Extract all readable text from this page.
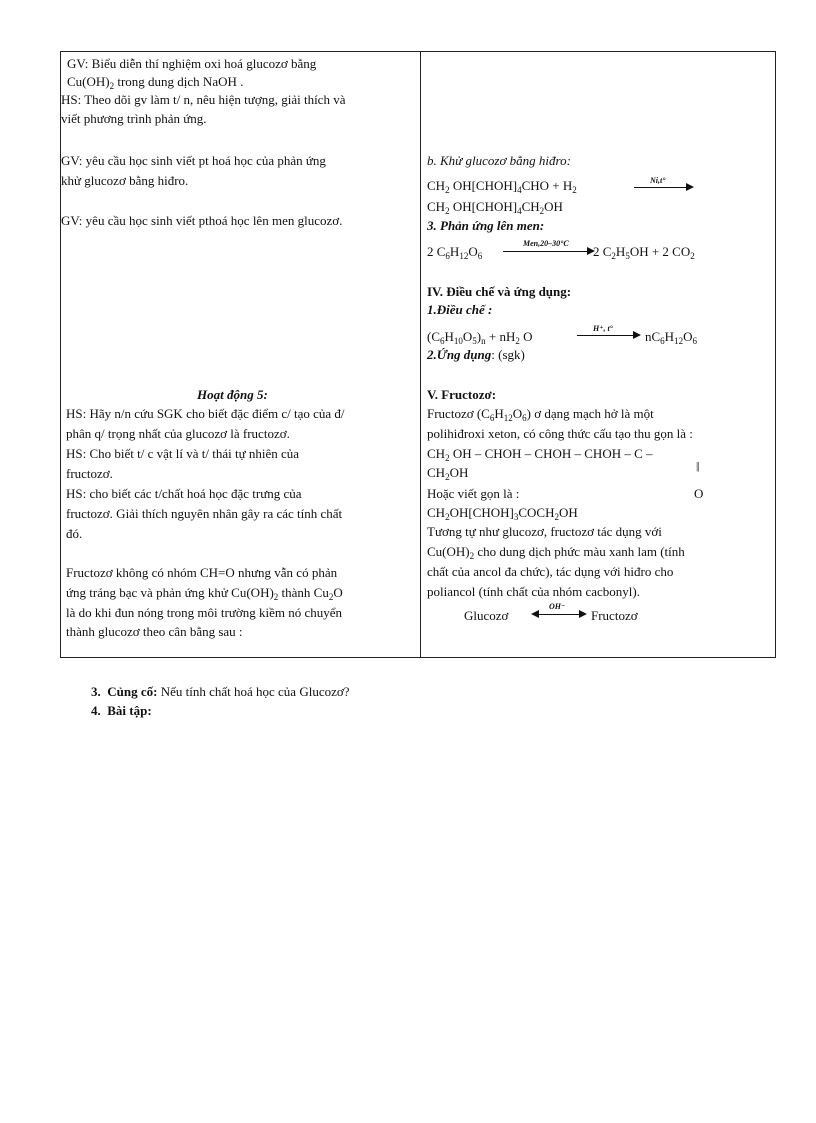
GV: Biểu diễn thí nghiệm oxi hoá glucozơ bằng
$Cu(OH)_2$ trong dung dịch NaOH .
HS: Theo dõi gv làm t/ n, nêu hiện tượng, giải thích và
viết phương trình phản ứng.
GV: yêu cầu học sinh viết pt hoá học của phản ứng
khử glucozơ bằng hiđro.
GV: yêu cầu học sinh viết pthoá học lên men glucozơ.
Hoạt động 5:
HS: Hãy n/n cứu SGK cho biết đặc điểm c/ tạo của đ/
phân q/ trọng nhất của glucozơ là fructozơ.
HS: Cho biết t/ c vật lí và t/ thái tự nhiên của
fructozơ.
HS: cho biết các t/chất hoá học đặc trưng của
fructozơ. Giải thích nguyên nhân gây ra các tính chất
đó.
Fructozơ không có nhóm CH=O nhưng vẫn có phản
ứng tráng bạc và phản ứng khử $Cu(OH)_2$ thành $Cu_2O$
là do khi đun nóng trong môi trường kiềm nó chuyển
thành glucozơ theo cân bằng sau :
b. Khử glucozơ bằng hiđro:
$CH_2$ $OH[CHOH]_4CHO + H_2$
Ni,t°
$CH_2$ $OH[CHOH]_4CH_2OH$
3. Phản ứng lên men:
2 $C_6H_{12}O_6$
Men,20–30°C
2 $C_2H_5OH + 2$ $CO_2$
IV. Điều chế và ứng dụng:
1.Điều chế :
$(C_6H_{10}O_5)_n + nH_2$ O
H⁺, t°
$nC_6H_{12}O_6$
2.Ứng dụng: (sgk)
V. Fructozơ:
Fructozơ $(C_6H_{12}O_6)$ ơ dạng mạch hở là một
polihiđroxi xeton, có công thức cấu tạo thu gọn là :
$CH_2$ OH – CHOH – CHOH – CHOH – C –
||
$CH_2OH$
Hoặc viết gọn là :	O
$CH_2OH[CHOH]_3COCH_2OH$
Tương tự như glucozơ, fructozơ tác dụng với
$Cu(OH)_2$ cho dung dịch phức màu xanh lam (tính
chất của ancol đa chức), tác dụng với hiđro cho
poliancol (tính chất của nhóm cacbonyl).
Glucozơ
OH⁻
Fructozơ
3. Củng cố: Nếu tính chất hoá học của Glucozơ?
4. Bài tập:
